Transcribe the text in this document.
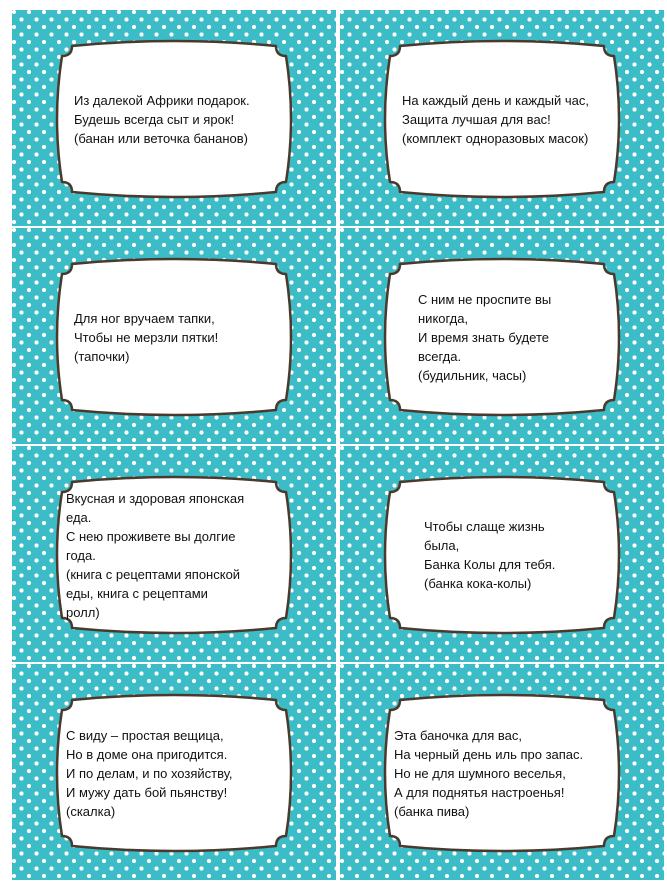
Из далекой Африки подарок.
Будешь всегда сыт и ярок!
(банан или веточка бананов)
На каждый день и каждый час,
Защита лучшая для вас!
(комплект одноразовых масок)
Для ног вручаем тапки,
Чтобы не мерзли пятки!
(тапочки)
С ним не проспите вы
никогда,
И время знать будете
всегда.
(будильник, часы)
Вкусная и здоровая японская
еда.
С нею проживете вы долгие
года.
(книга с рецептами японской
еды, книга с рецептами
ролл)
Чтобы слаще жизнь
была,
Банка Колы для тебя.
(банка кока-колы)
С виду – простая вещица,
Но в доме она пригодится.
И по делам, и по хозяйству,
И мужу дать бой пьянству!
(скалка)
Эта баночка для вас,
На черный день иль про запас.
Но не для шумного веселья,
А для поднятья настроенья!
(банка пива)
